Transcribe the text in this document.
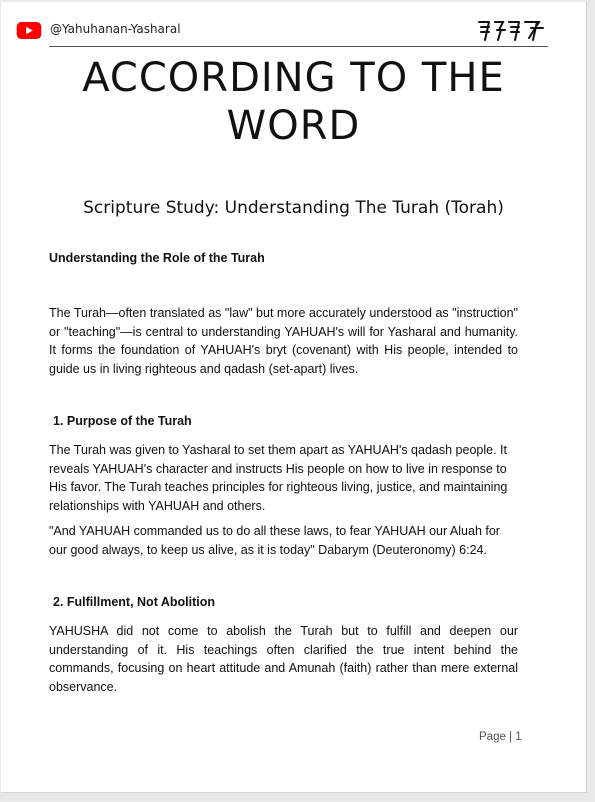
@Yahuhanan-Yasharal
ACCORDING TO THE WORD
Scripture Study: Understanding The Turah (Torah)
Understanding the Role of the Turah
The Turah—often translated as "law" but more accurately understood as "instruction" or "teaching"—is central to understanding YAHUAH's will for Yasharal and humanity. It forms the foundation of YAHUAH's bryt (covenant) with His people, intended to guide us in living righteous and qadash (set-apart) lives.
1. Purpose of the Turah
The Turah was given to Yasharal to set them apart as YAHUAH's qadash people. It reveals YAHUAH's character and instructs His people on how to live in response to His favor. The Turah teaches principles for righteous living, justice, and maintaining relationships with YAHUAH and others.
"And YAHUAH commanded us to do all these laws, to fear YAHUAH our Aluah for our good always, to keep us alive, as it is today" Dabarym (Deuteronomy) 6:24.
2. Fulfillment, Not Abolition
YAHUSHA did not come to abolish the Turah but to fulfill and deepen our understanding of it. His teachings often clarified the true intent behind the commands, focusing on heart attitude and Amunah (faith) rather than mere external observance.
Page | 1
